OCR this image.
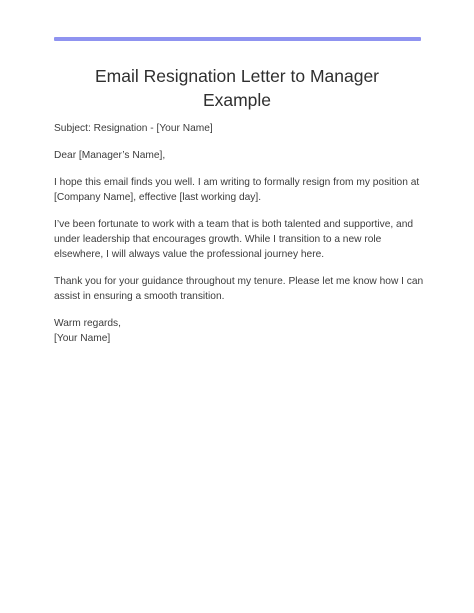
Email Resignation Letter to Manager
Example

Subject: Resignation - [Your Name]

Dear [Manager’s Name],

I hope this email finds you well. I am writing to formally resign from my position at
[Company Name], effective [last working day].

I’ve been fortunate to work with a team that is both talented and supportive, and
under leadership that encourages growth. While I transition to a new role
elsewhere, I will always value the professional journey here.

Thank you for your guidance throughout my tenure. Please let me know how I can
assist in ensuring a smooth transition.

Warm regards,
[Your Name]
